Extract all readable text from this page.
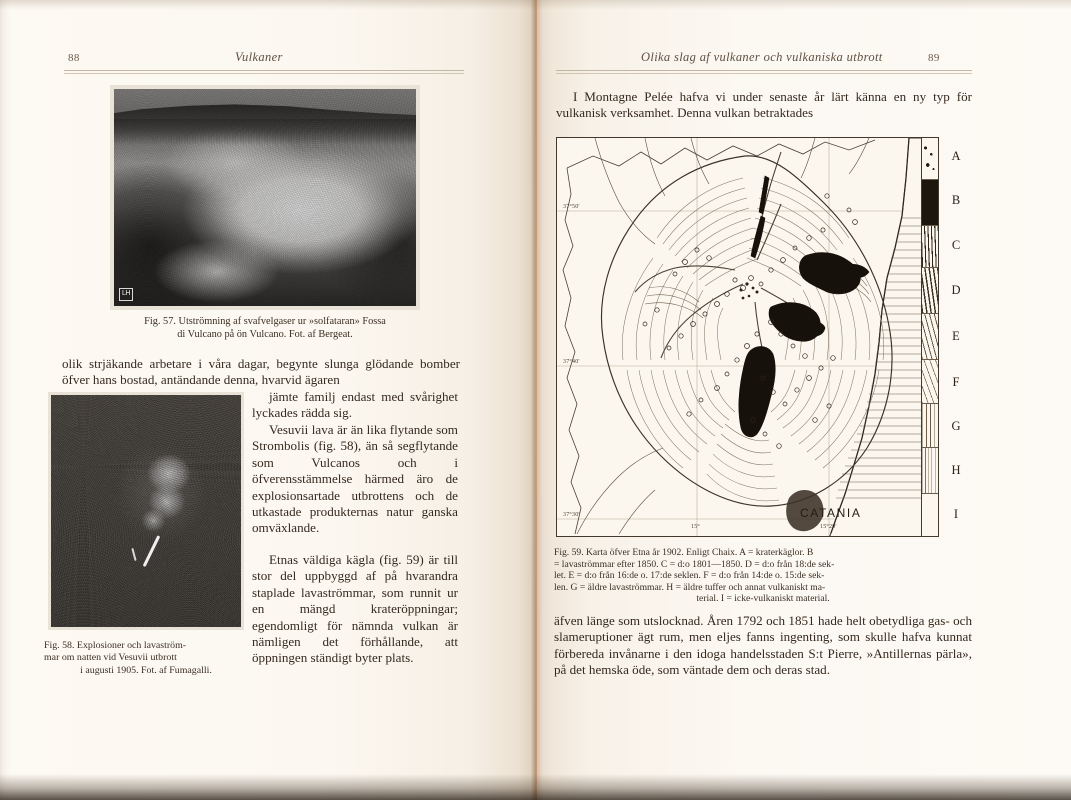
88	Vulkaner
LH
Fig. 57. Utströmning af svafvelgaser ur »solfataran» Fossa
di Vulcano på ön Vulcano. Fot. af Bergeat.
olik strjäkande arbetare i våra dagar, begynte slunga glödande bomber öfver hans bostad, antändande denna, hvarvid ägaren
Fig. 58. Explosioner och lavaström-
mar om natten vid Vesuvii utbrott

i augusti 1905. Fot. af Fumagalli.
jämte familj endast med svårighet lyckades rädda sig.
Vesuvii lava är än lika flytande som Strombolis (fig. 58), än så segflytande som Vulcanos och i öfverensstämmelse härmed äro de explosionsartade utbrottens och de utkastade produkternas natur ganska omväxlande.
Etnas väldiga kägla (fig. 59) är till stor del uppbyggd af på hvarandra staplade lavaströmmar, som runnit ur en mängd krateröppningar; egendomligt för nämnda vulkan är nämligen det förhållande, att öppningen ständigt byter plats.
Olika slag af vulkaner och vulkaniska utbrott	89
I Montagne Pelée hafva vi under senaste år lärt känna en ny typ för vulkanisk verksamhet. Denna vulkan betraktades
37°50'
37°40'
37°30'
15°	15°20'
CATANIA
A
B
C
D
E
F
G
H
I
Fig. 59. Karta öfver Etna år 1902. Enligt Chaix. A = kraterkäglor. B
= lavaströmmar efter 1850. C = d:o 1801—1850. D = d:o från 18:de sek-
let. E = d:o från 16:de o. 17:de seklen. F = d:o från 14:de o. 15:de sek-
len. G = äldre lavaströmmar. H = äldre tuffer och annat vulkaniskt ma-

terial. I = icke-vulkaniskt material.
äfven länge som utslocknad. Åren 1792 och 1851 hade helt obetydliga gas- och slameruptioner ägt rum, men eljes fanns ingenting, som skulle hafva kunnat förbereda invånarne i den idoga handelsstaden S:t Pierre, »Antillernas pärla», på det hemska öde, som väntade dem och deras stad.
